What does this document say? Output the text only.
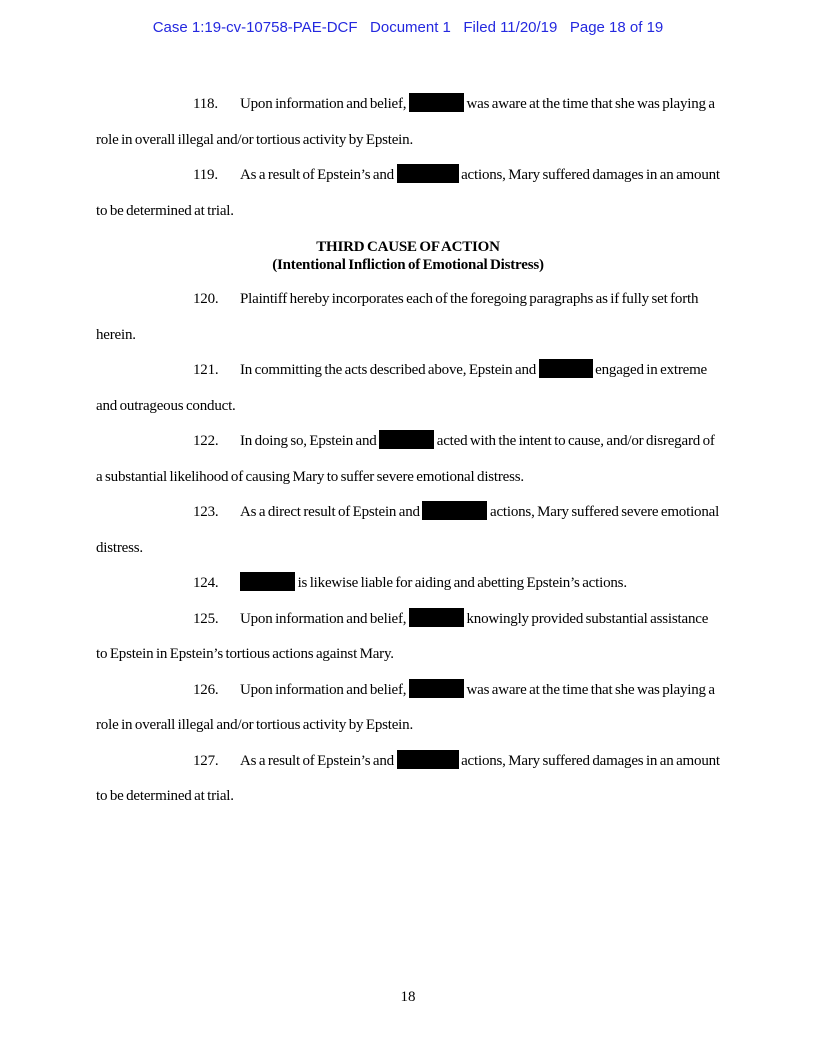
Case 1:19-cv-10758-PAE-DCF   Document 1   Filed 11/20/19   Page 18 of 19

118. Upon information and belief,	was aware at the time that she was playing a role in overall illegal and/or tortious activity by Epstein.

119. As a result of Epstein’s and	actions, Mary suffered damages in an amount to be determined at trial.

THIRD CAUSE OF ACTION
(Intentional Infliction of Emotional Distress)

120. Plaintiff hereby incorporates each of the foregoing paragraphs as if fully set forth herein.

121. In committing the acts described above, Epstein and	engaged in extreme and outrageous conduct.

122. In doing so, Epstein and	acted with the intent to cause, and/or disregard of a substantial likelihood of causing Mary to suffer severe emotional distress.

123. As a direct result of Epstein and	actions, Mary suffered severe emotional distress.

124.	is likewise liable for aiding and abetting Epstein’s actions.

125. Upon information and belief,	knowingly provided substantial assistance to Epstein in Epstein’s tortious actions against Mary.

126. Upon information and belief,	was aware at the time that she was playing a role in overall illegal and/or tortious activity by Epstein.

127. As a result of Epstein’s and	actions, Mary suffered damages in an amount to be determined at trial.

18
